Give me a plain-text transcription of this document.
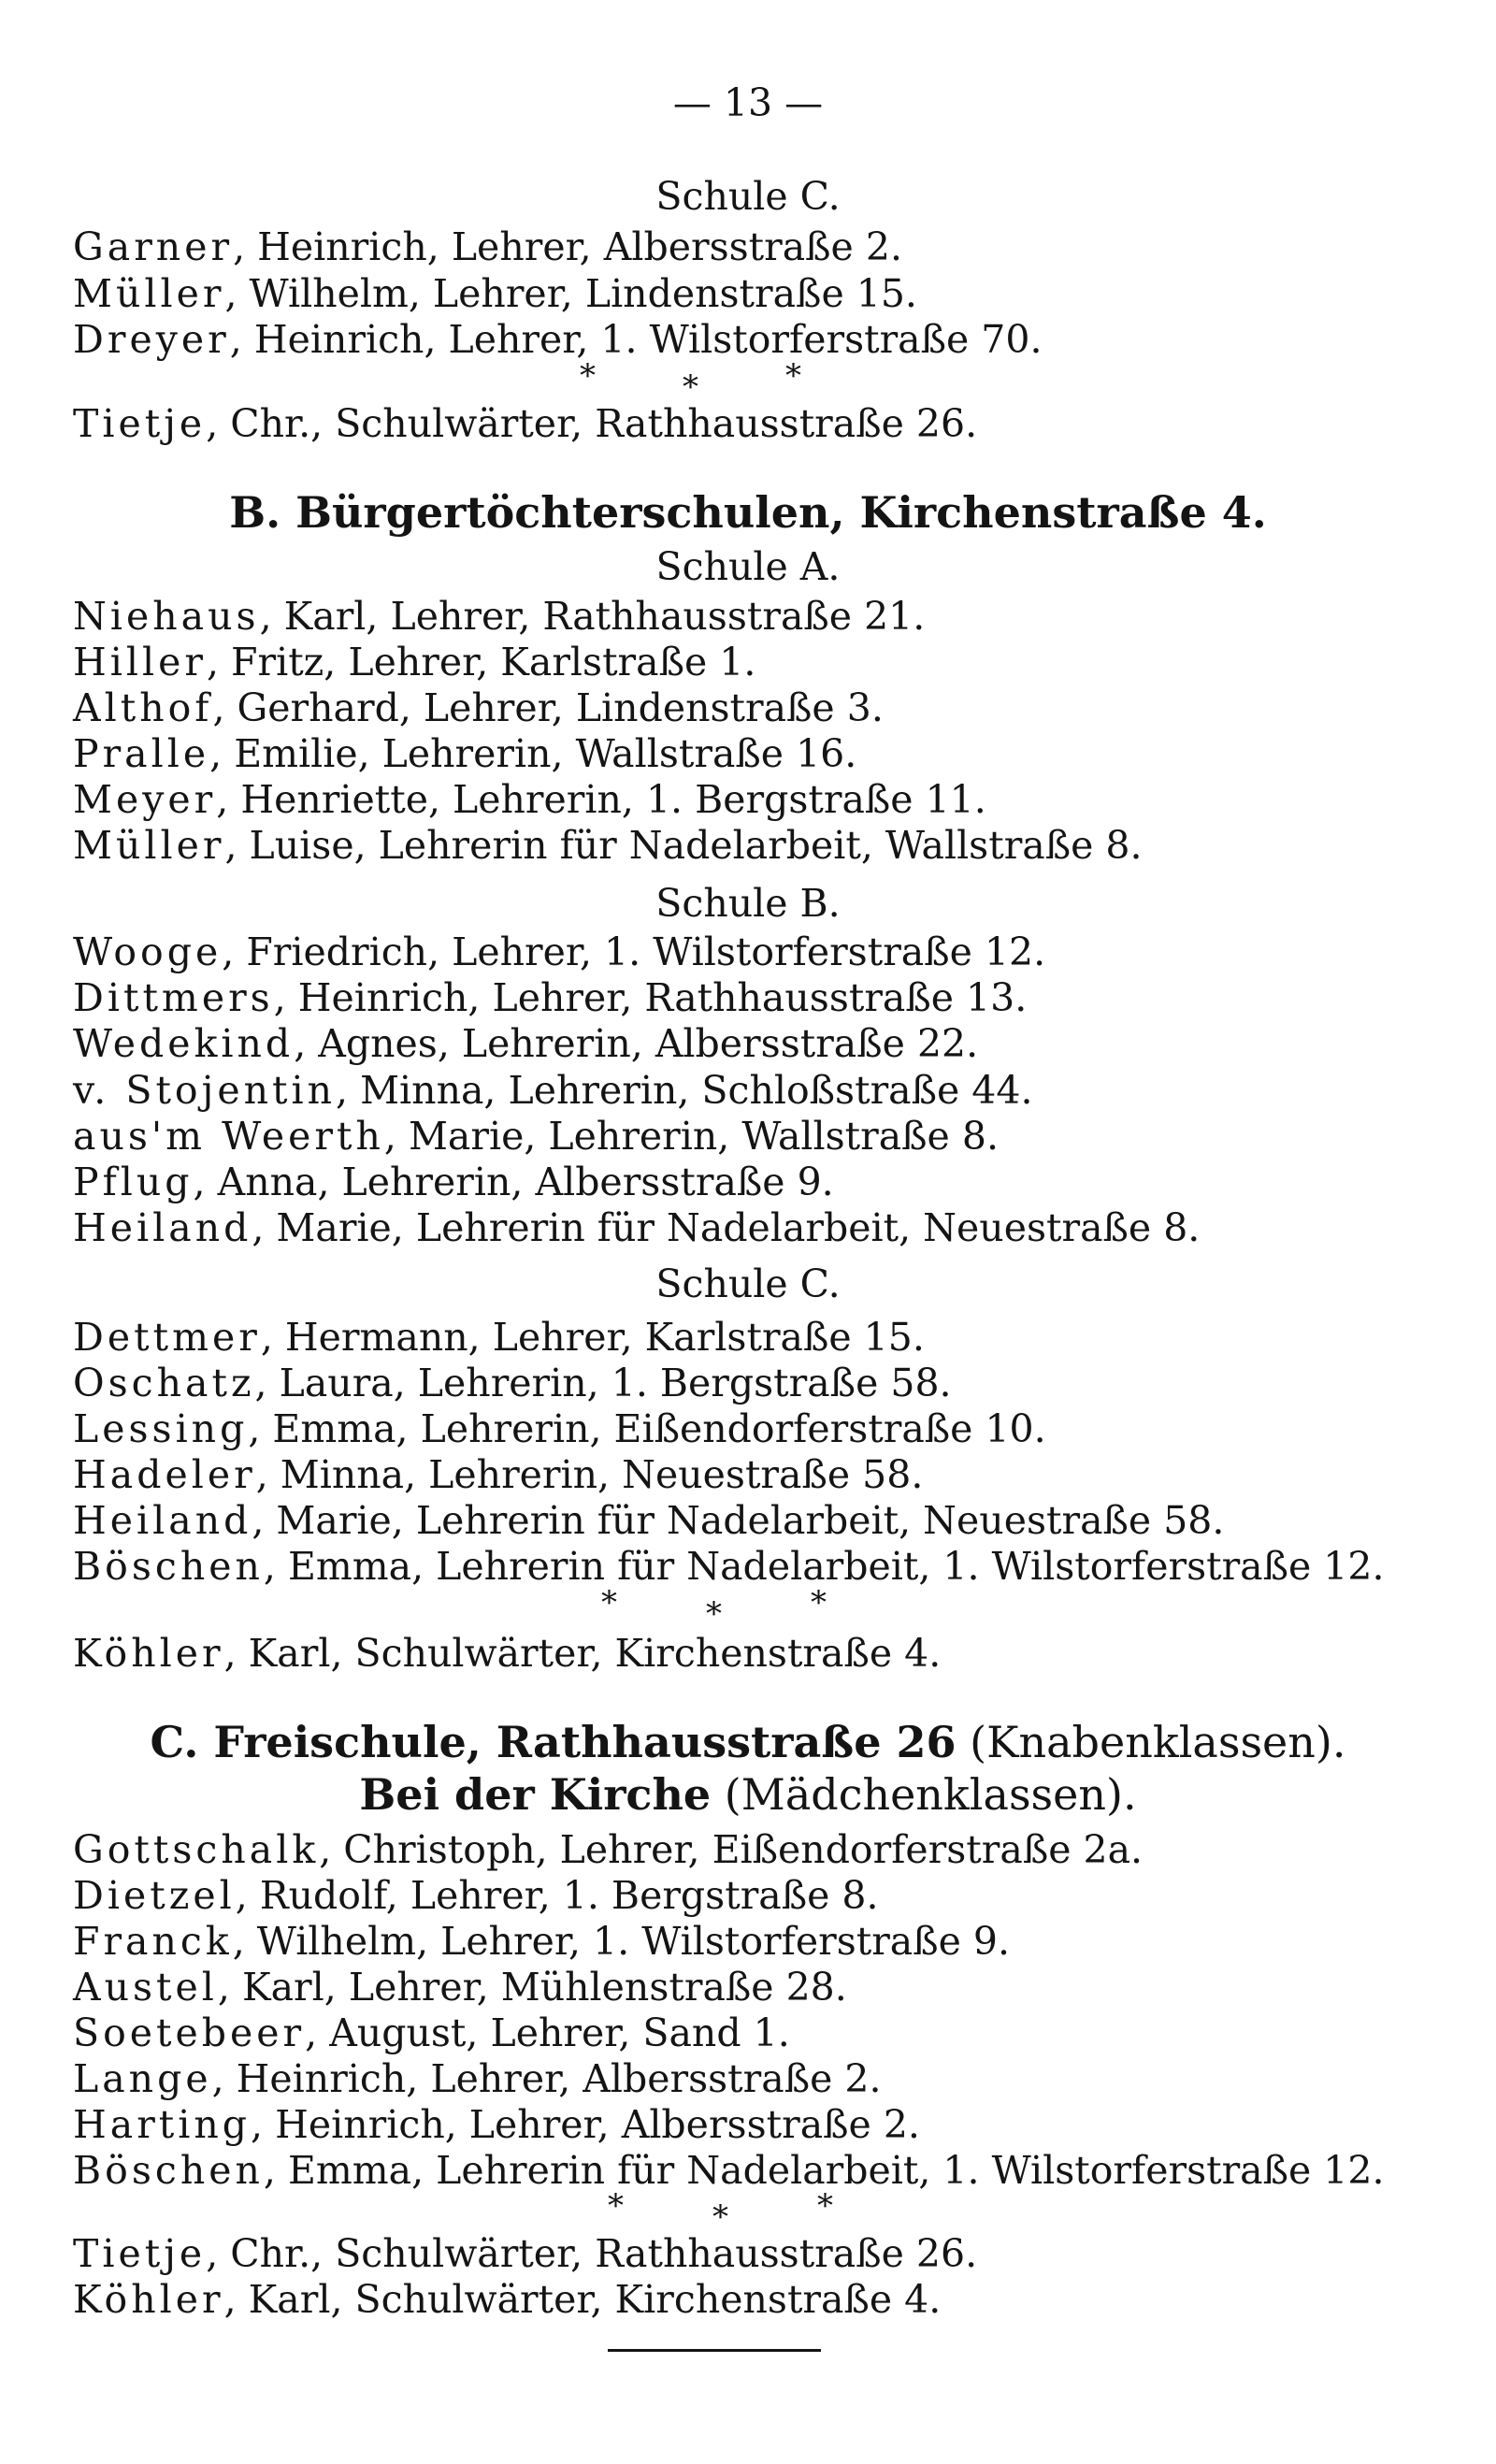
— 13 —
Schule C.
Garner, Heinrich, Lehrer, Albersstraße 2.
Müller, Wilhelm, Lehrer, Lindenstraße 15.
Dreyer, Heinrich, Lehrer, 1. Wilstorferstraße 70.
*	*	*
Tietje, Chr., Schulwärter, Rathhausstraße 26.
B. Bürgertöchterschulen, Kirchenstraße 4.
Schule A.
Niehaus, Karl, Lehrer, Rathhausstraße 21.
Hiller, Fritz, Lehrer, Karlstraße 1.
Althof, Gerhard, Lehrer, Lindenstraße 3.
Pralle, Emilie, Lehrerin, Wallstraße 16.
Meyer, Henriette, Lehrerin, 1. Bergstraße 11.
Müller, Luise, Lehrerin für Nadelarbeit, Wallstraße 8.
Schule B.
Wooge, Friedrich, Lehrer, 1. Wilstorferstraße 12.
Dittmers, Heinrich, Lehrer, Rathhausstraße 13.
Wedekind, Agnes, Lehrerin, Albersstraße 22.
v. Stojentin, Minna, Lehrerin, Schloßstraße 44.
aus'm Weerth, Marie, Lehrerin, Wallstraße 8.
Pflug, Anna, Lehrerin, Albersstraße 9.
Heiland, Marie, Lehrerin für Nadelarbeit, Neuestraße 8.
Schule C.
Dettmer, Hermann, Lehrer, Karlstraße 15.
Oschatz, Laura, Lehrerin, 1. Bergstraße 58.
Lessing, Emma, Lehrerin, Eißendorferstraße 10.
Hadeler, Minna, Lehrerin, Neuestraße 58.
Heiland, Marie, Lehrerin für Nadelarbeit, Neuestraße 58.
Böschen, Emma, Lehrerin für Nadelarbeit, 1. Wilstorferstraße 12.
*	*	*
Köhler, Karl, Schulwärter, Kirchenstraße 4.
C. Freischule, Rathhausstraße 26 (Knabenklassen).
Bei der Kirche (Mädchenklassen).
Gottschalk, Christoph, Lehrer, Eißendorferstraße 2a.
Dietzel, Rudolf, Lehrer, 1. Bergstraße 8.
Franck, Wilhelm, Lehrer, 1. Wilstorferstraße 9.
Austel, Karl, Lehrer, Mühlenstraße 28.
Soetebeer, August, Lehrer, Sand 1.
Lange, Heinrich, Lehrer, Albersstraße 2.
Harting, Heinrich, Lehrer, Albersstraße 2.
Böschen, Emma, Lehrerin für Nadelarbeit, 1. Wilstorferstraße 12.
*	*	*
Tietje, Chr., Schulwärter, Rathhausstraße 26.
Köhler, Karl, Schulwärter, Kirchenstraße 4.
